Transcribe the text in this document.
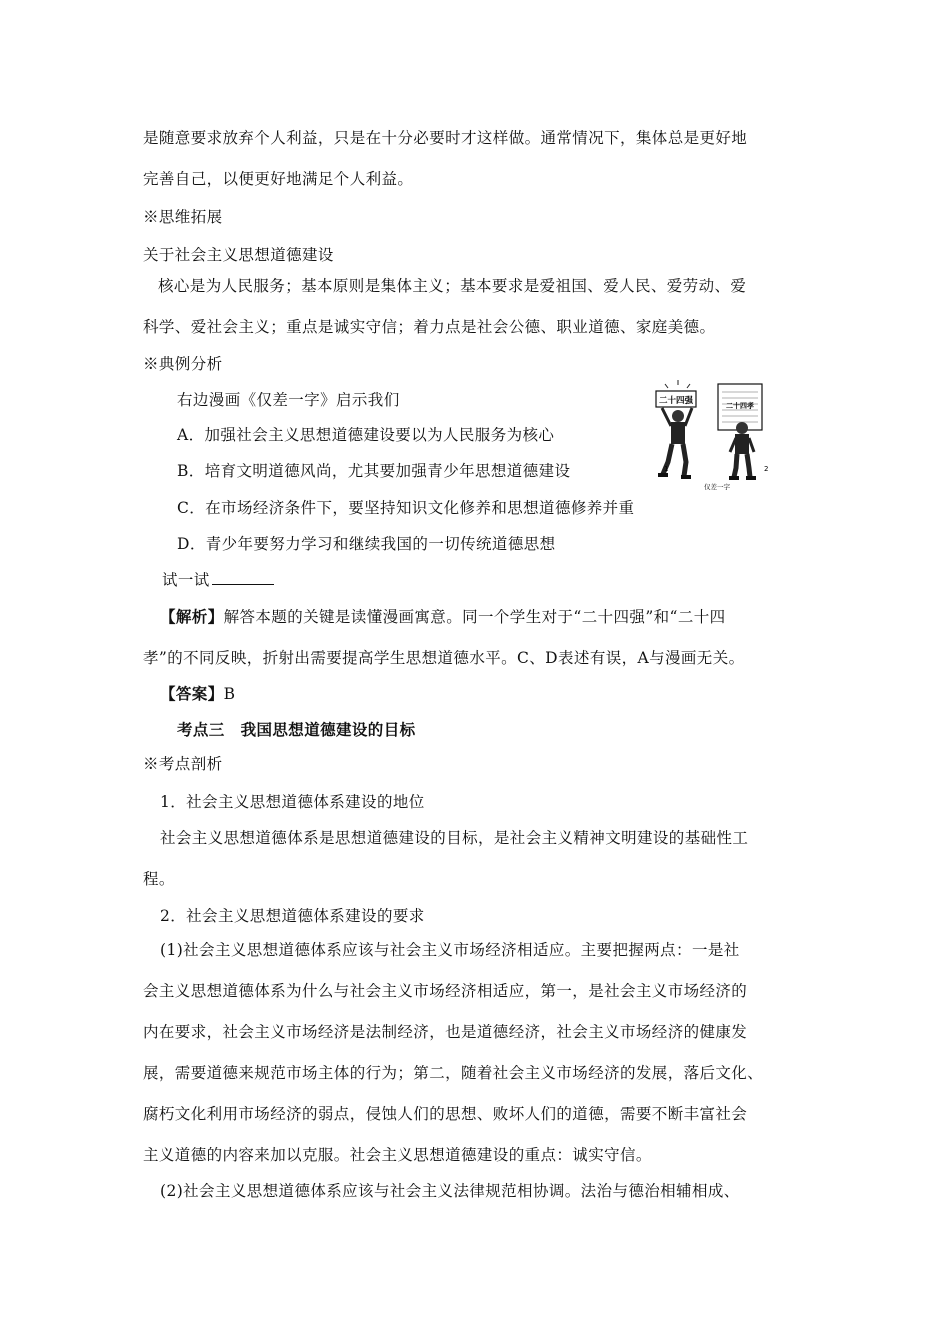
是随意要求放弃个人利益，只是在十分必要时才这样做。通常情况下，集体总是更好地
完善自己，以便更好地满足个人利益。
※思维拓展
关于社会主义思想道德建设
核心是为人民服务；基本原则是集体主义；基本要求是爱祖国、爱人民、爱劳动、爱
科学、爱社会主义；重点是诚实守信；着力点是社会公德、职业道德、家庭美德。
※典例分析
右边漫画《仅差一字》启示我们
A．加强社会主义思想道德建设要以为人民服务为核心
B．培育文明道德风尚，尤其要加强青少年思想道德建设
C．在市场经济条件下，要坚持知识文化修养和思想道德修养并重
D．青少年要努力学习和继续我国的一切传统道德思想
试一试
【解析】解答本题的关键是读懂漫画寓意。同一个学生对于“二十四强”和“二十四
孝”的不同反映，折射出需要提高学生思想道德水平。C、D表述有误，A与漫画无关。
【答案】B
考点三　我国思想道德建设的目标
※考点剖析
1．社会主义思想道德体系建设的地位
社会主义思想道德体系是思想道德建设的目标，是社会主义精神文明建设的基础性工
程。
2．社会主义思想道德体系建设的要求
(1)社会主义思想道德体系应该与社会主义市场经济相适应。主要把握两点：一是社
会主义思想道德体系为什么与社会主义市场经济相适应，第一，是社会主义市场经济的
内在要求，社会主义市场经济是法制经济，也是道德经济，社会主义市场经济的健康发
展，需要道德来规范市场主体的行为；第二，随着社会主义市场经济的发展，落后文化、
腐朽文化利用市场经济的弱点，侵蚀人们的思想、败坏人们的道德，需要不断丰富社会
主义道德的内容来加以克服。社会主义思想道德建设的重点：诚实守信。
(2)社会主义思想道德体系应该与社会主义法律规范相协调。法治与德治相辅相成、
二十四强	二十四孝
1	2
仅差一字
